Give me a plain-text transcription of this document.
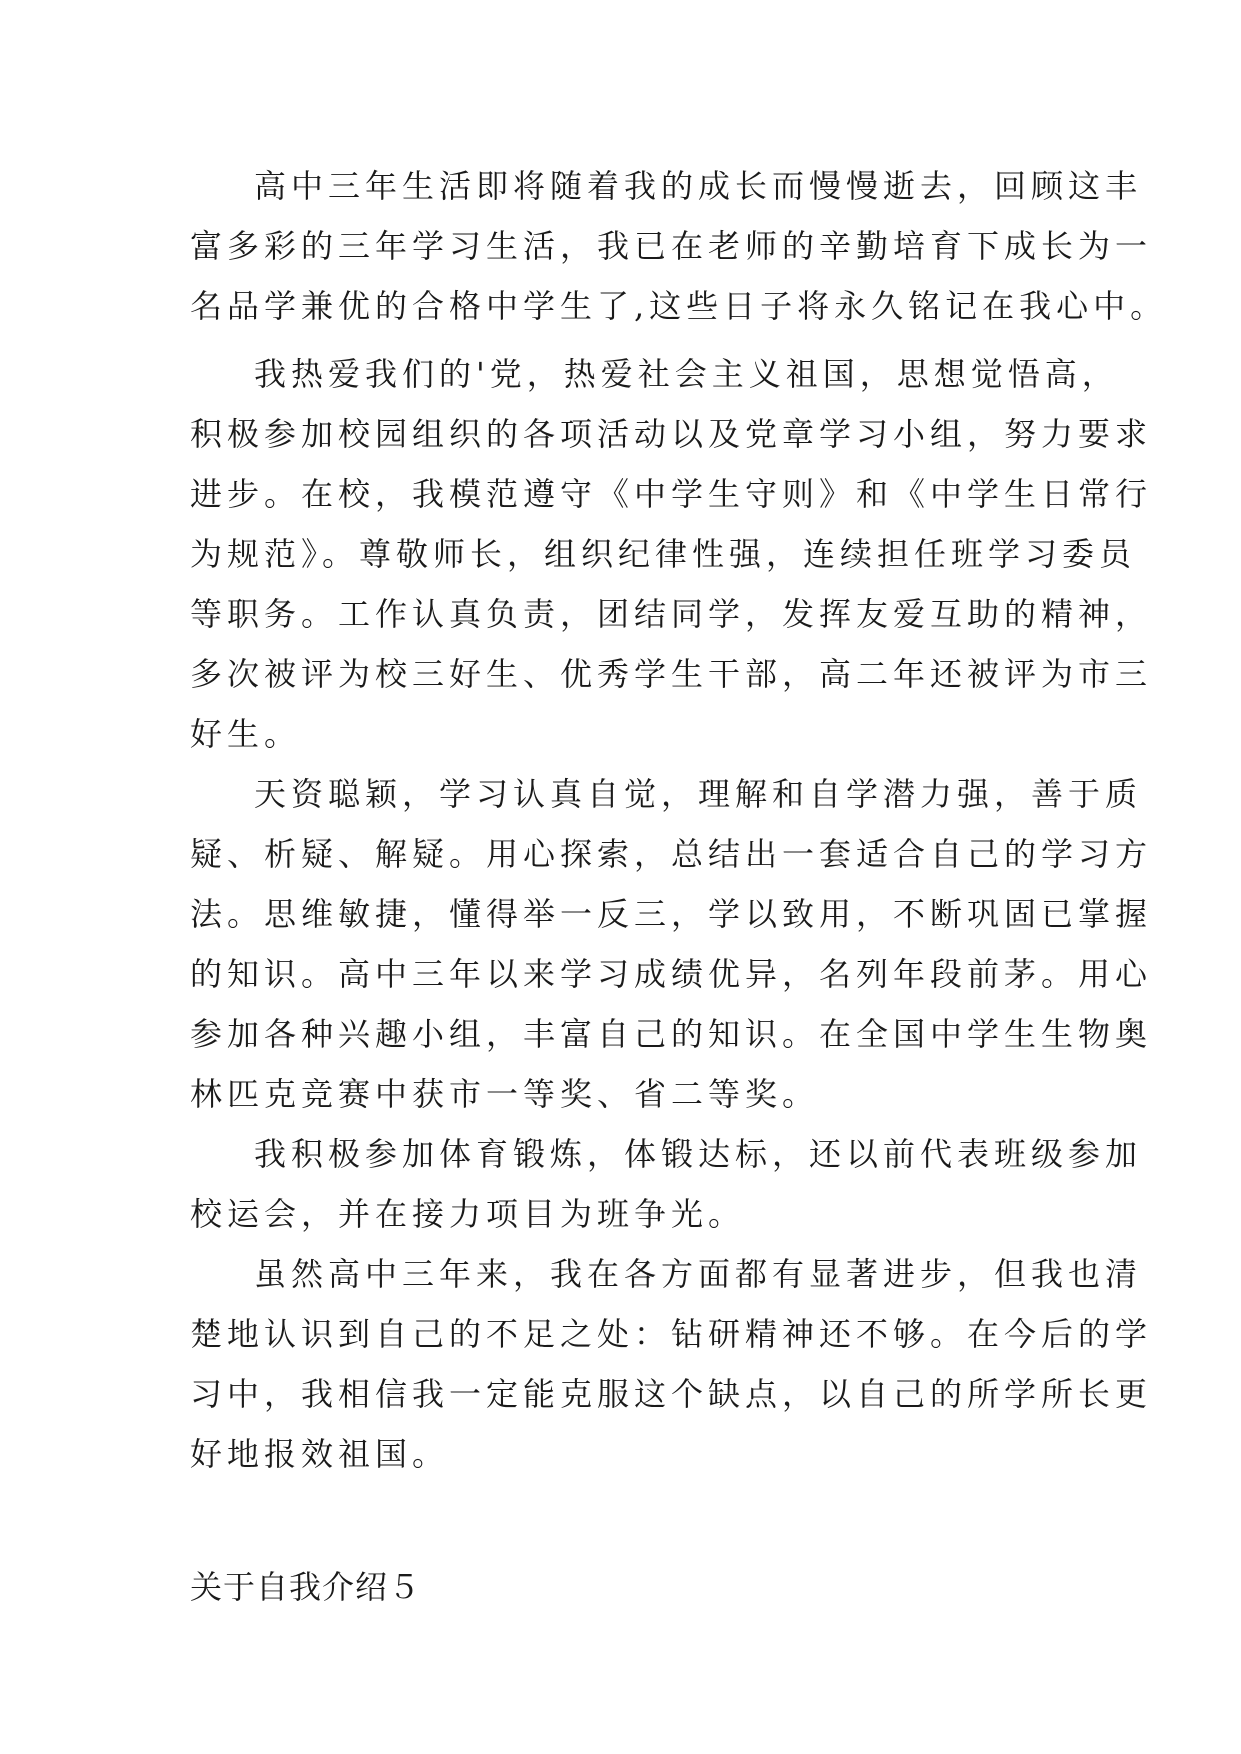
高中三年生活即将随着我的成长而慢慢逝去，回顾这丰
富多彩的三年学习生活，我已在老师的辛勤培育下成长为一
名品学兼优的合格中学生了,这些日子将永久铭记在我心中。
我热爱我们的'党，热爱社会主义祖国，思想觉悟高，
积极参加校园组织的各项活动以及党章学习小组，努力要求
进步。在校，我模范遵守《中学生守则》和《中学生日常行
为规范》。尊敬师长，组织纪律性强，连续担任班学习委员
等职务。工作认真负责，团结同学，发挥友爱互助的精神，
多次被评为校三好生、优秀学生干部，高二年还被评为市三
好生。
天资聪颖，学习认真自觉，理解和自学潜力强，善于质
疑、析疑、解疑。用心探索，总结出一套适合自己的学习方
法。思维敏捷，懂得举一反三，学以致用，不断巩固已掌握
的知识。高中三年以来学习成绩优异，名列年段前茅。用心
参加各种兴趣小组，丰富自己的知识。在全国中学生生物奥
林匹克竞赛中获市一等奖、省二等奖。
我积极参加体育锻炼，体锻达标，还以前代表班级参加
校运会，并在接力项目为班争光。
虽然高中三年来，我在各方面都有显著进步，但我也清
楚地认识到自己的不足之处：钻研精神还不够。在今后的学
习中，我相信我一定能克服这个缺点，以自己的所学所长更
好地报效祖国。
关于自我介绍５
